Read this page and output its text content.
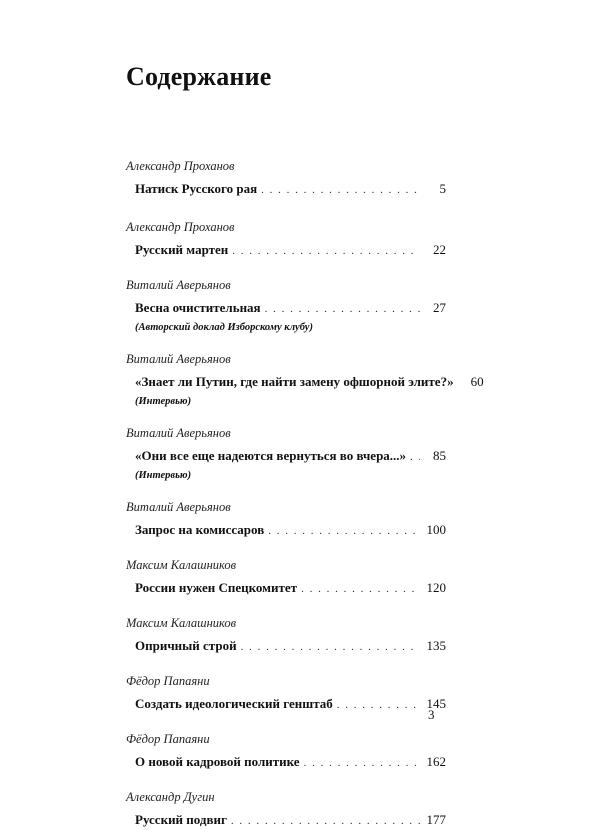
Содержание
Александр Проханов
Натиск Русского рая . . .	5
Александр Проханов
Русский мартен . . .	22
Виталий Аверьянов
Весна очистительная . . .	27
(Авторский доклад Изборскому клубу)
Виталий Аверьянов
«Знает ли Путин, где найти замену офшорной элите?»	60
(Интервью)
Виталий Аверьянов
«Они все еще надеются вернуться во вчера...» . . .	85
(Интервью)
Виталий Аверьянов
Запрос на комиссаров . . .	100
Максим Калашников
России нужен Спецкомитет . . .	120
Максим Калашников
Опричный строй . . .	135
Фёдор Папаяни
Создать идеологический генштаб . . .	145
Фёдор Папаяни
О новой кадровой политике . . .	162
Александр Дугин
Русский подвиг . . .	177
3
